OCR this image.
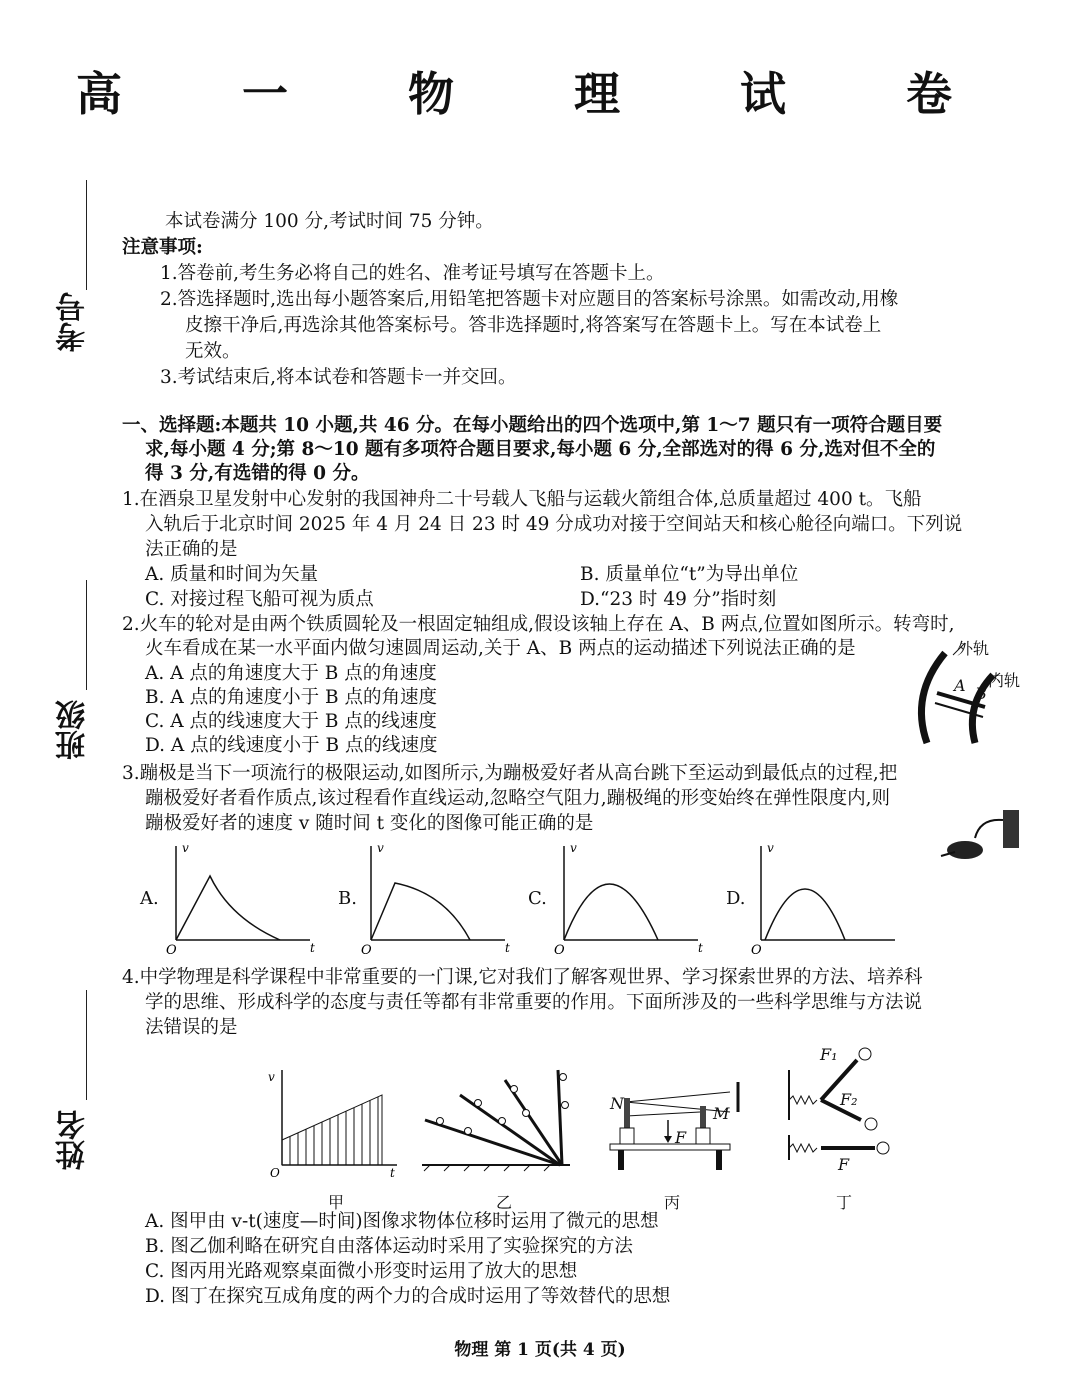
高 一 物 理 试 卷
考号
班级
姓名
本试卷满分 100 分,考试时间 75 分钟。
注意事项:
1.答卷前,考生务必将自己的姓名、准考证号填写在答题卡上。
2.答选择题时,选出每小题答案后,用铅笔把答题卡对应题目的答案标号涂黑。如需改动,用橡
皮擦干净后,再选涂其他答案标号。答非选择题时,将答案写在答题卡上。写在本试卷上
无效。
3.考试结束后,将本试卷和答题卡一并交回。
一、选择题:本题共 10 小题,共 46 分。在每小题给出的四个选项中,第 1～7 题只有一项符合题目要
求,每小题 4 分;第 8～10 题有多项符合题目要求,每小题 6 分,全部选对的得 6 分,选对但不全的
得 3 分,有选错的得 0 分。
1.在酒泉卫星发射中心发射的我国神舟二十号载人飞船与运载火箭组合体,总质量超过 400 t。飞船
入轨后于北京时间 2025 年 4 月 24 日 23 时 49 分成功对接于空间站天和核心舱径向端口。下列说
法正确的是
A. 质量和时间为矢量	B. 质量单位“t”为导出单位
C. 对接过程飞船可视为质点	D.“23 时 49 分”指时刻
2.火车的轮对是由两个铁质圆轮及一根固定轴组成,假设该轴上存在 A、B 两点,位置如图所示。转弯时,
火车看成在某一水平面内做匀速圆周运动,关于 A、B 两点的运动描述下列说法正确的是
A. A 点的角速度大于 B 点的角速度
B. A 点的角速度小于 B 点的角速度
C. A 点的线速度大于 B 点的线速度
D. A 点的线速度小于 B 点的线速度
外轨
内轨
A B
3.蹦极是当下一项流行的极限运动,如图所示,为蹦极爱好者从高台跳下至运动到最低点的过程,把
蹦极爱好者看作质点,该过程看作直线运动,忽略空气阻力,蹦极绳的形变始终在弹性限度内,则
蹦极爱好者的速度 v 随时间 t 变化的图像可能正确的是
A.	B.	C.	D.
v
t
O
v
t
O
v
t
O
v
O
4.中学物理是科学课程中非常重要的一门课,它对我们了解客观世界、学习探索世界的方法、培养科
学的思维、形成科学的态度与责任等都有非常重要的作用。下面所涉及的一些科学思维与方法说
法错误的是
v
O	t
甲	乙
N
M
F
丙
F₁
F₂
F
丁
A. 图甲由 v-t(速度—时间)图像求物体位移时运用了微元的思想
B. 图乙伽利略在研究自由落体运动时采用了实验探究的方法
C. 图丙用光路观察桌面微小形变时运用了放大的思想
D. 图丁在探究互成角度的两个力的合成时运用了等效替代的思想
物理 第 1 页(共 4 页)
